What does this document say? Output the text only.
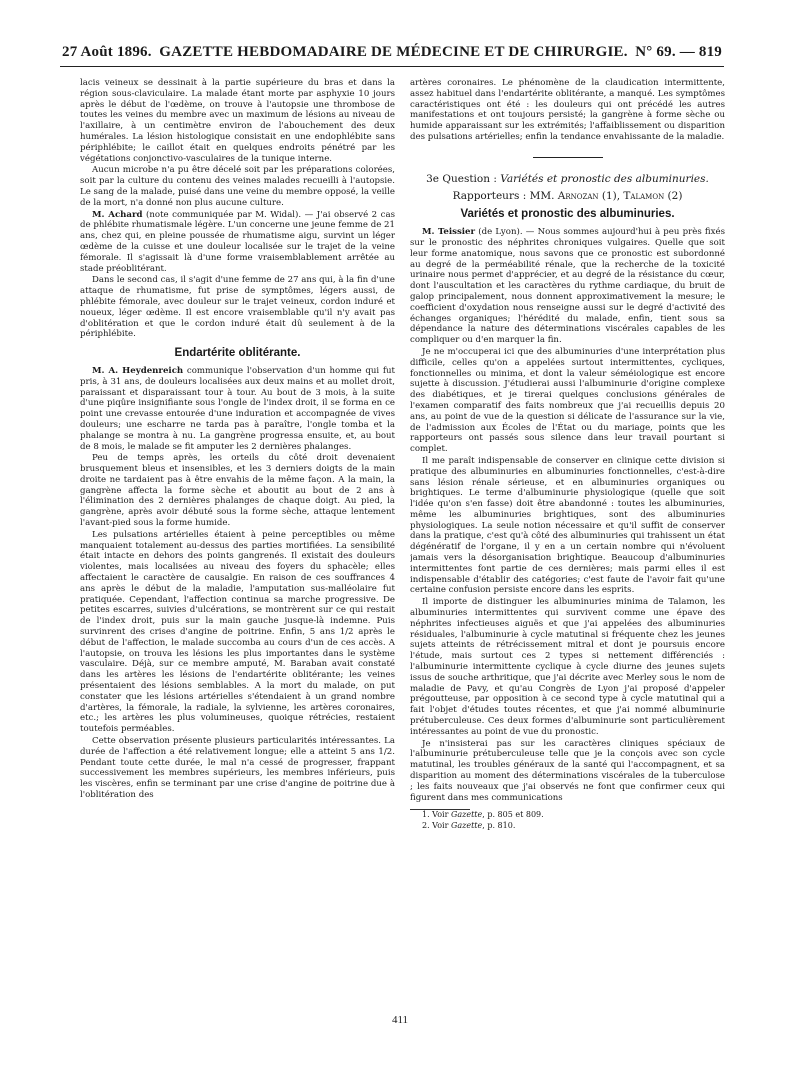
27 Août 1896. GAZETTE HEBDOMADAIRE DE MÉDECINE ET DE CHIRURGIE. N° 69. — 819

lacis veineux se dessinait à la partie supérieure du bras et dans la région sous-claviculaire. La malade étant morte par asphyxie 10 jours après le début de l'œdème, on trouve à l'autopsie une thrombose de toutes les veines du membre avec un maximum de lésions au niveau de l'axillaire, à un centimètre environ de l'abouchement des deux humérales. La lésion histologique consistait en une endophlébite sans périphlébite; le caillot était en quelques endroits pénétré par les végétations conjonctivo-vasculaires de la tunique interne.

Aucun microbe n'a pu être décelé soit par les préparations colorées, soit par la culture du contenu des veines malades recueilli à l'autopsie. Le sang de la malade, puisé dans une veine du membre opposé, la veille de la mort, n'a donné non plus aucune culture.

M. Achard (note communiquée par M. Widal). — J'ai observé 2 cas de phlébite rhumatismale légère. L'un concerne une jeune femme de 21 ans, chez qui, en pleine poussée de rhumatisme aigu, survint un léger œdème de la cuisse et une douleur localisée sur le trajet de la veine fémorale. Il s'agissait là d'une forme vraisemblablement arrêtée au stade préoblitérant.

Dans le second cas, il s'agit d'une femme de 27 ans qui, à la fin d'une attaque de rhumatisme, fut prise de symptômes, légers aussi, de phlébite fémorale, avec douleur sur le trajet veineux, cordon induré et noueux, léger œdème. Il est encore vraisemblable qu'il n'y avait pas d'oblitération et que le cordon induré était dû seulement à de la périphlébite.

Endartérite oblitérante.

M. A. Heydenreich communique l'observation d'un homme qui fut pris, à 31 ans, de douleurs localisées aux deux mains et au mollet droit, paraissant et disparaissant tour à tour. Au bout de 3 mois, à la suite d'une piqûre insignifiante sous l'ongle de l'index droit, il se forma en ce point une crevasse entourée d'une induration et accompagnée de vives douleurs; une escharre ne tarda pas à paraître, l'ongle tomba et la phalange se montra à nu. La gangrène progressa ensuite, et, au bout de 8 mois, le malade se fit amputer les 2 dernières phalanges.

Peu de temps après, les orteils du côté droit devenaient brusquement bleus et insensibles, et les 3 derniers doigts de la main droite ne tardaient pas à être envahis de la même façon. A la main, la gangrène affecta la forme sèche et aboutit au bout de 2 ans à l'élimination des 2 dernières phalanges de chaque doigt. Au pied, la gangrène, après avoir débuté sous la forme sèche, attaque lentement l'avant-pied sous la forme humide.

Les pulsations artérielles étaient à peine perceptibles ou même manquaient totalement au-dessus des parties mortifiées. La sensibilité était intacte en dehors des points gangrenés. Il existait des douleurs violentes, mais localisées au niveau des foyers du sphacèle; elles affectaient le caractère de causalgie. En raison de ces souffrances 4 ans après le début de la maladie, l'amputation sus-malléolaire fut pratiquée. Cependant, l'affection continua sa marche progressive. De petites escarres, suivies d'ulcérations, se montrèrent sur ce qui restait de l'index droit, puis sur la main gauche jusque-là indemne. Puis survinrent des crises d'angine de poitrine. Enfin, 5 ans 1/2 après le début de l'affection, le malade succomba au cours d'un de ces accès. A l'autopsie, on trouva les lésions les plus importantes dans le système vasculaire. Déjà, sur ce membre amputé, M. Baraban avait constaté dans les artères les lésions de l'endartérite oblitérante; les veines présentaient des lésions semblables. A la mort du malade, on put constater que les lésions artérielles s'étendaient à un grand nombre d'artères, la fémorale, la radiale, la sylvienne, les artères coronaires, etc.; les artères les plus volumineuses, quoique rétrécies, restaient toutefois perméables.

Cette observation présente plusieurs particularités intéressantes. La durée de l'affection a été relativement longue; elle a atteint 5 ans 1/2. Pendant toute cette durée, le mal n'a cessé de progresser, frappant successivement les membres supérieurs, les membres inférieurs, puis les viscères, enfin se terminant par une crise d'angine de poitrine due à l'oblitération des

artères coronaires. Le phénomène de la claudication intermittente, assez habituel dans l'endartérite oblitérante, a manqué. Les symptômes caractéristiques ont été : les douleurs qui ont précédé les autres manifestations et ont toujours persisté; la gangrène à forme sèche ou humide apparaissant sur les extrémités; l'affaiblissement ou disparition des pulsations artérielles; enfin la tendance envahissante de la maladie.

3e Question : Variétés et pronostic des albuminuries.
Rapporteurs : MM. Arnozan (1), Talamon (2)
Variétés et pronostic des albuminuries.

M. Teissier (de Lyon). — Nous sommes aujourd'hui à peu près fixés sur le pronostic des néphrites chroniques vulgaires. Quelle que soit leur forme anatomique, nous savons que ce pronostic est subordonné au degré de la perméabilité rénale, que la recherche de la toxicité urinaire nous permet d'apprécier, et au degré de la résistance du cœur, dont l'auscultation et les caractères du rythme cardiaque, du bruit de galop principalement, nous donnent approximativement la mesure; le coefficient d'oxydation nous renseigne aussi sur le degré d'activité des échanges organiques; l'hérédité du malade, enfin, tient sous sa dépendance la nature des déterminations viscérales capables de les compliquer ou d'en marquer la fin.

Je ne m'occuperai ici que des albuminuries d'une interprétation plus difficile, celles qu'on a appelées surtout intermittentes, cycliques, fonctionnelles ou minima, et dont la valeur séméiologique est encore sujette à discussion. J'étudierai aussi l'albuminurie d'origine complexe des diabétiques, et je tirerai quelques conclusions générales de l'examen comparatif des faits nombreux que j'ai recueillis depuis 20 ans, au point de vue de la question si délicate de l'assurance sur la vie, de l'admission aux Écoles de l'État ou du mariage, points que les rapporteurs ont passés sous silence dans leur travail pourtant si complet.

Il me paraît indispensable de conserver en clinique cette division si pratique des albuminuries en albuminuries fonctionnelles, c'est-à-dire sans lésion rénale sérieuse, et en albuminuries organiques ou brightiques. Le terme d'albuminurie physiologique (quelle que soit l'idée qu'on s'en fasse) doit être abandonné : toutes les albuminuries, même les albuminuries brightiques, sont des albuminuries physiologiques. La seule notion nécessaire et qu'il suffit de conserver dans la pratique, c'est qu'à côté des albuminuries qui trahissent un état dégénératif de l'organe, il y en a un certain nombre qui n'évoluent jamais vers la désorganisation brightique. Beaucoup d'albuminuries intermittentes font partie de ces dernières; mais parmi elles il est indispensable d'établir des catégories; c'est faute de l'avoir fait qu'une certaine confusion persiste encore dans les esprits.

Il importe de distinguer les albuminuries minima de Talamon, les albuminuries intermittentes qui survivent comme une épave des néphrites infectieuses aiguës et que j'ai appelées des albuminuries résiduales, l'albuminurie à cycle matutinal si fréquente chez les jeunes sujets atteints de rétrécissement mitral et dont je poursuis encore l'étude, mais surtout ces 2 types si nettement différenciés : l'albuminurie intermittente cyclique à cycle diurne des jeunes sujets issus de souche arthritique, que j'ai décrite avec Merley sous le nom de maladie de Pavy, et qu'au Congrès de Lyon j'ai proposé d'appeler prégoutteuse, par opposition à ce second type à cycle matutinal qui a fait l'objet d'études toutes récentes, et que j'ai nommé albuminurie prétuberculeuse. Ces deux formes d'albuminurie sont particulièrement intéressantes au point de vue du pronostic.

Je n'insisterai pas sur les caractères cliniques spéciaux de l'albuminurie prétuberculeuse telle que je la conçois avec son cycle matutinal, les troubles généraux de la santé qui l'accompagnent, et sa disparition au moment des déterminations viscérales de la tuberculose ; les faits nouveaux que j'ai observés ne font que confirmer ceux qui figurent dans mes communications

1. Voir Gazette, p. 805 et 809.

2. Voir Gazette, p. 810.

411
